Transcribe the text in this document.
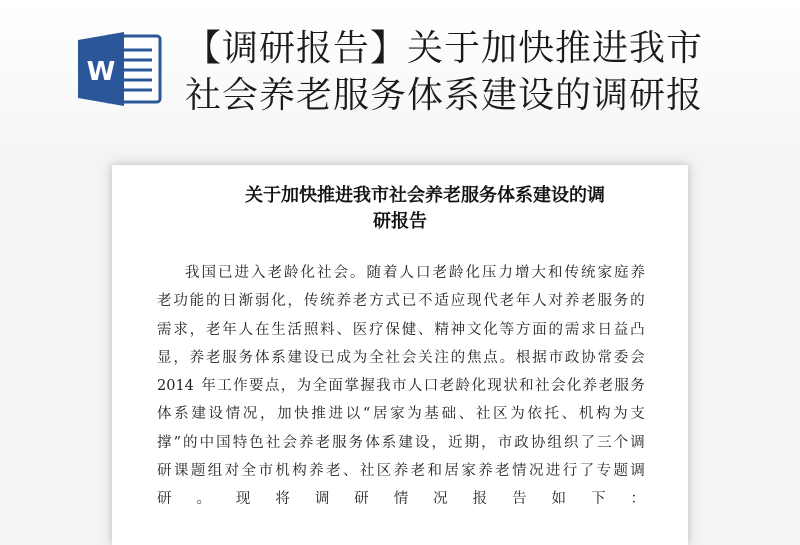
W
【调研报告】关于加快推进我市
社会养老服务体系建设的调研报
关于加快推进我市社会养老服务体系建设的调
研报告
我 国 已 进 入 老 龄 化 社 会 。 随 着 人 口 老 龄 化 压 力 增 大 和 传 统 家 庭 养
老 功 能 的 日 渐 弱 化 ， 传 统 养 老 方 式 已 不 适 应 现 代 老 年 人 对 养 老 服 务 的
需 求 ， 老 年 人 在 生 活 照 料 、 医 疗 保 健 、 精 神 文 化 等 方 面 的 需 求 日 益 凸
显 ， 养 老 服 务 体 系 建 设 已 成 为 全 社 会 关 注 的 焦 点 。 根 据 市 政 协 常 委 会
2014
年 工 作 要 点 ， 为 全 面 掌 握 我 市 人 口 老 龄 化 现 状 和 社 会 化 养 老 服 务
体 系 建 设 情 况 ， 加 快 推 进 以 “ 居 家 为 基 础 、 社 区 为 依 托 、 机 构 为 支
撑 ” 的 中 国 特 色 社 会 养 老 服 务 体 系 建 设 ， 近 期 ， 市 政 协 组 织 了 三 个 调
研 课 题 组 对 全 市 机 构 养 老 、 社 区 养 老 和 居 家 养 老 情 况 进 行 了 专 题 调
研 。 现 将 调 研 情 况 报 告 如 下 ：
